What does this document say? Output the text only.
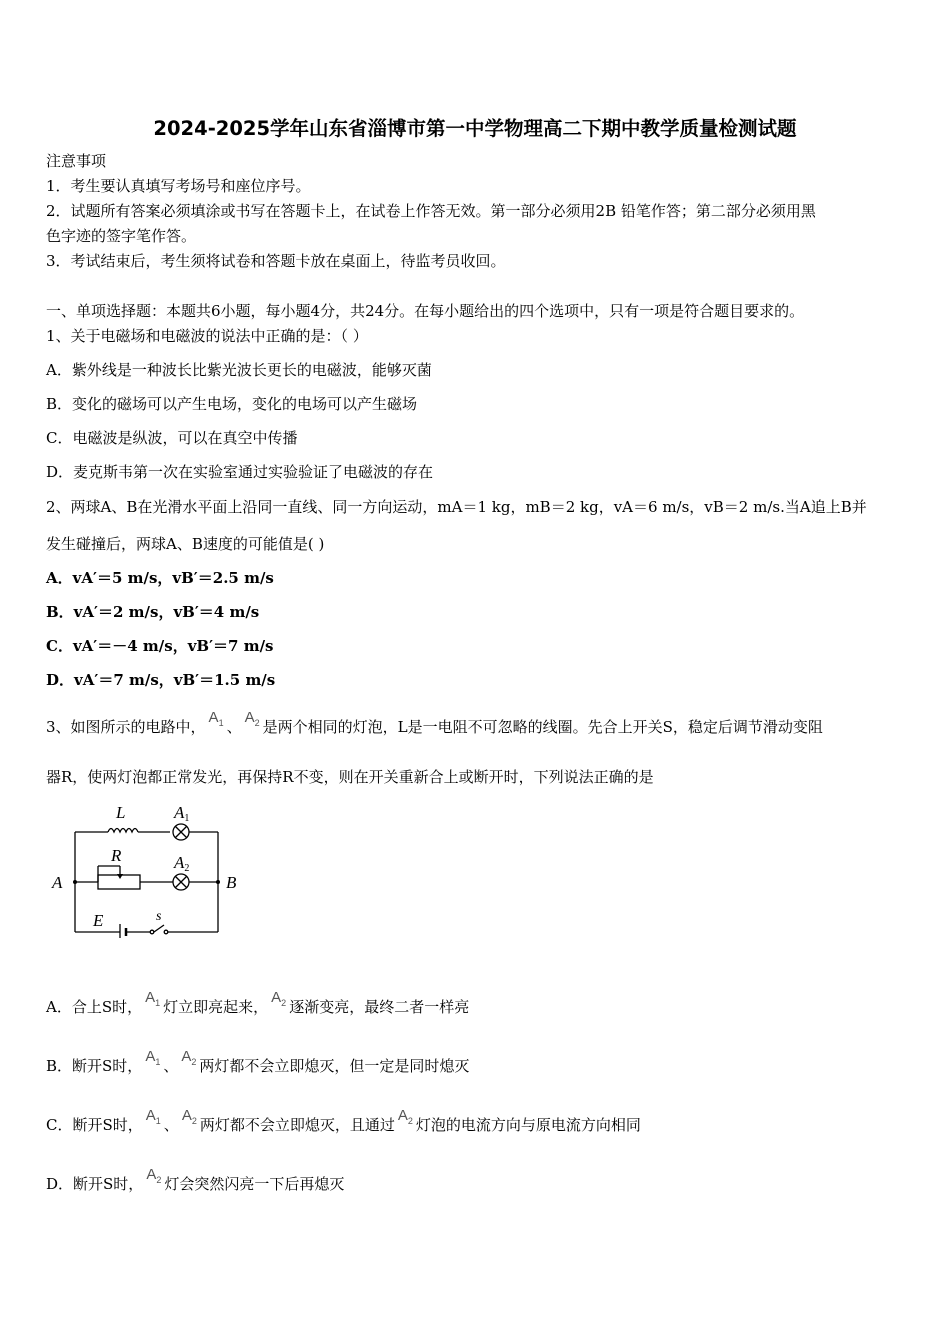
2024-2025学年山东省淄博市第一中学物理高二下期中教学质量检测试题
注意事项
1．考生要认真填写考场号和座位序号。
2．试题所有答案必须填涂或书写在答题卡上，在试卷上作答无效。第一部分必须用2B 铅笔作答；第二部分必须用黑
色字迹的签字笔作答。
3．考试结束后，考生须将试卷和答题卡放在桌面上，待监考员收回。
一、单项选择题：本题共6小题，每小题4分，共24分。在每小题给出的四个选项中，只有一项是符合题目要求的。
1、关于电磁场和电磁波的说法中正确的是：（ ）
A．紫外线是一种波长比紫光波长更长的电磁波，能够灭菌
B．变化的磁场可以产生电场，变化的电场可以产生磁场
C．电磁波是纵波，可以在真空中传播
D．麦克斯韦第一次在实验室通过实验验证了电磁波的存在
2、两球A、B在光滑水平面上沿同一直线、同一方向运动，mA＝1 kg，mB＝2 kg，vA＝6 m/s，vB＝2 m/s.当A追上B并
发生碰撞后，两球A、B速度的可能值是( )
A．vA′＝5 m/s，vB′＝2.5 m/s
B．vA′＝2 m/s，vB′＝4 m/s
C．vA′＝－4 m/s，vB′＝7 m/s
D．vA′＝7 m/s，vB′＝1.5 m/s
3、如图所示的电路中，$A_1$ 、$A_2$ 是两个相同的灯泡，L是一电阻不可忽略的线圈。先合上开关S，稳定后调节滑动变阻
器R，使两灯泡都正常发光，再保持R不变，则在开关重新合上或断开时，下列说法正确的是
L	A1
R	A2
A	B
E	s
A．合上S时，$A_1$ 灯立即亮起来，$A_2$ 逐渐变亮，最终二者一样亮
B．断开S时，$A_1$ 、$A_2$ 两灯都不会立即熄灭，但一定是同时熄灭
C．断开S时，$A_1$ 、$A_2$ 两灯都不会立即熄灭，且通过$A_2$ 灯泡的电流方向与原电流方向相同
D．断开S时，$A_2$ 灯会突然闪亮一下后再熄灭
